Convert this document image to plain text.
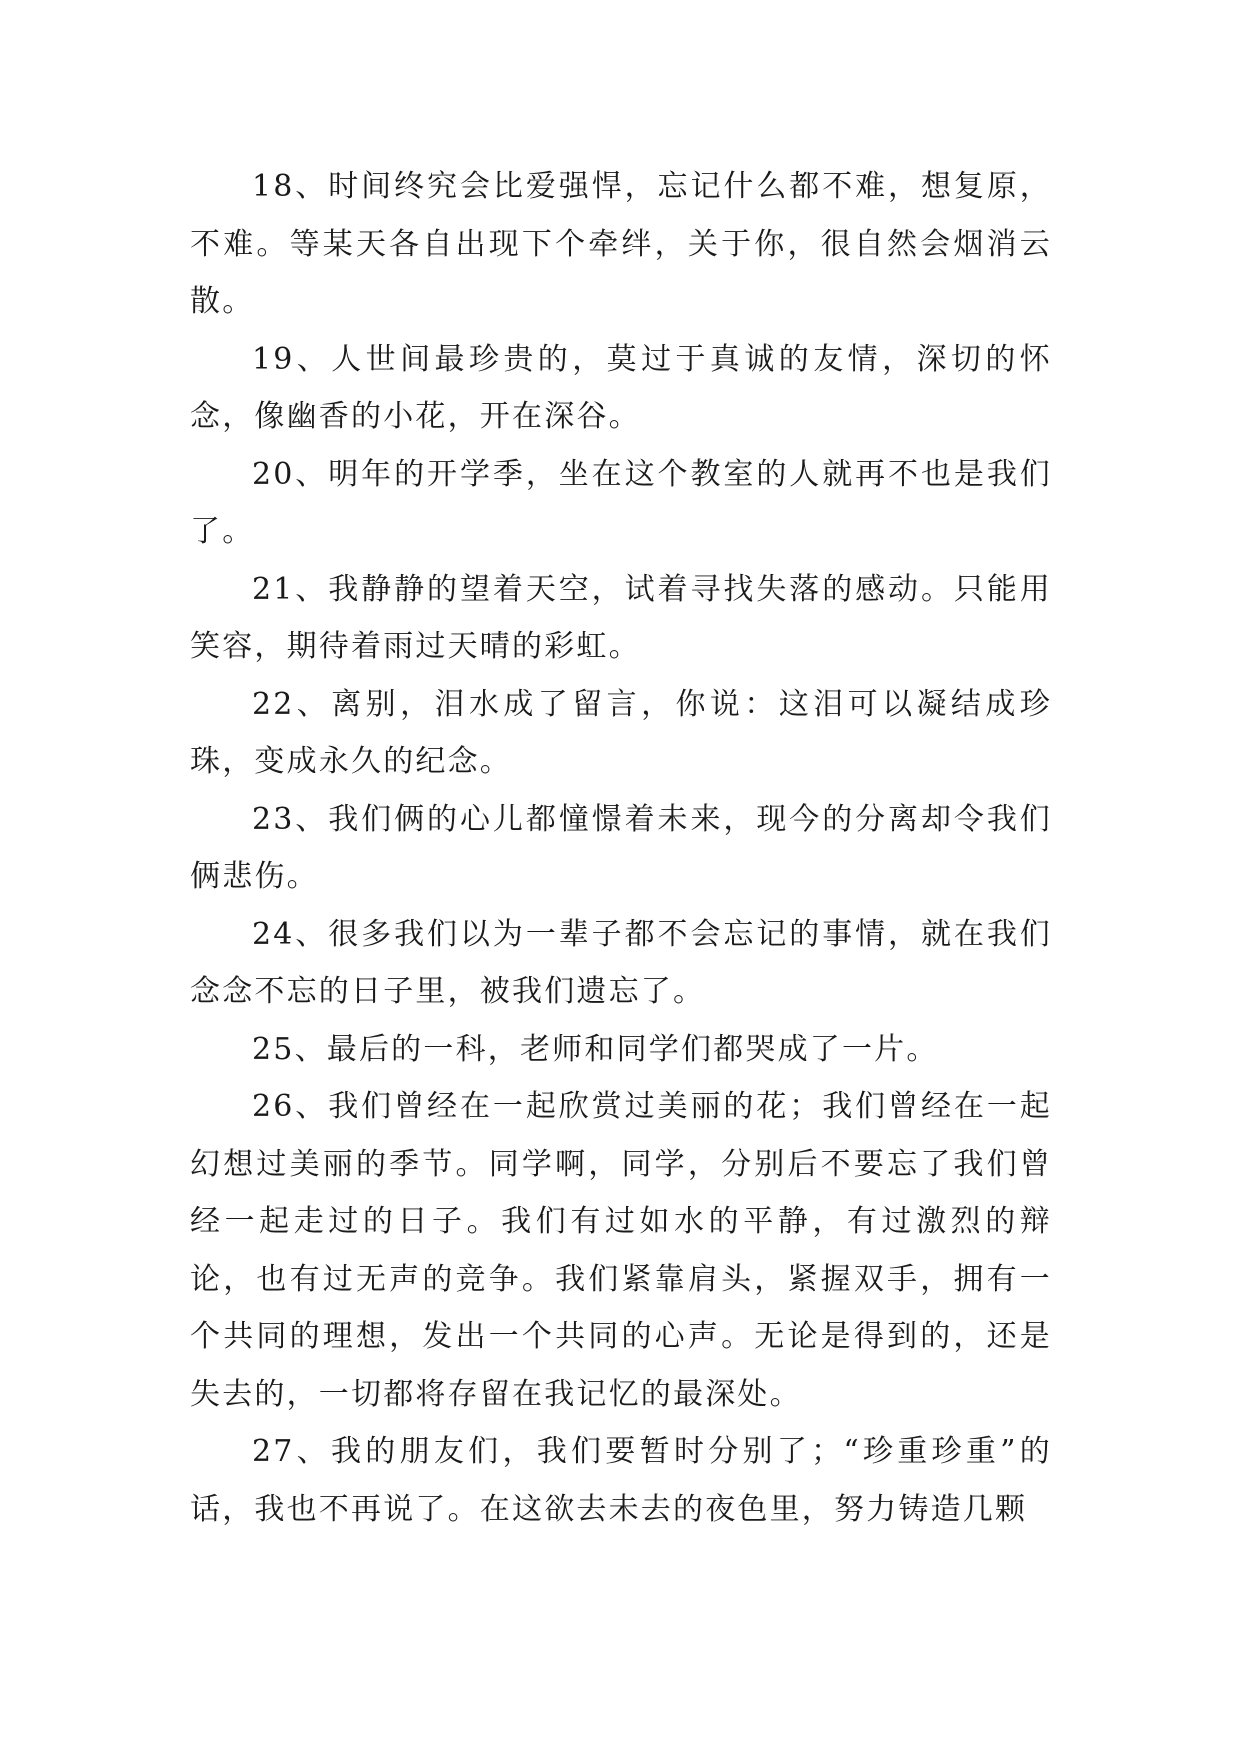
18、时间终究会比爱强悍，忘记什么都不难，想复原，不难。等某天各自出现下个牵绊，关于你，很自然会烟消云散。

19、人世间最珍贵的，莫过于真诚的友情，深切的怀念，像幽香的小花，开在深谷。

20、明年的开学季，坐在这个教室的人就再不也是我们了。

21、我静静的望着天空，试着寻找失落的感动。只能用笑容，期待着雨过天晴的彩虹。

22、离别，泪水成了留言，你说：这泪可以凝结成珍珠，变成永久的纪念。

23、我们俩的心儿都憧憬着未来，现今的分离却令我们俩悲伤。

24、很多我们以为一辈子都不会忘记的事情，就在我们念念不忘的日子里，被我们遗忘了。

25、最后的一科，老师和同学们都哭成了一片。

26、我们曾经在一起欣赏过美丽的花；我们曾经在一起幻想过美丽的季节。同学啊，同学，分别后不要忘了我们曾经一起走过的日子。我们有过如水的平静，有过激烈的辩论，也有过无声的竞争。我们紧靠肩头，紧握双手，拥有一个共同的理想，发出一个共同的心声。无论是得到的，还是失去的，一切都将存留在我记忆的最深处。

27、我的朋友们，我们要暂时分别了；“珍重珍重”的话，我也不再说了。在这欲去未去的夜色里，努力铸造几颗
